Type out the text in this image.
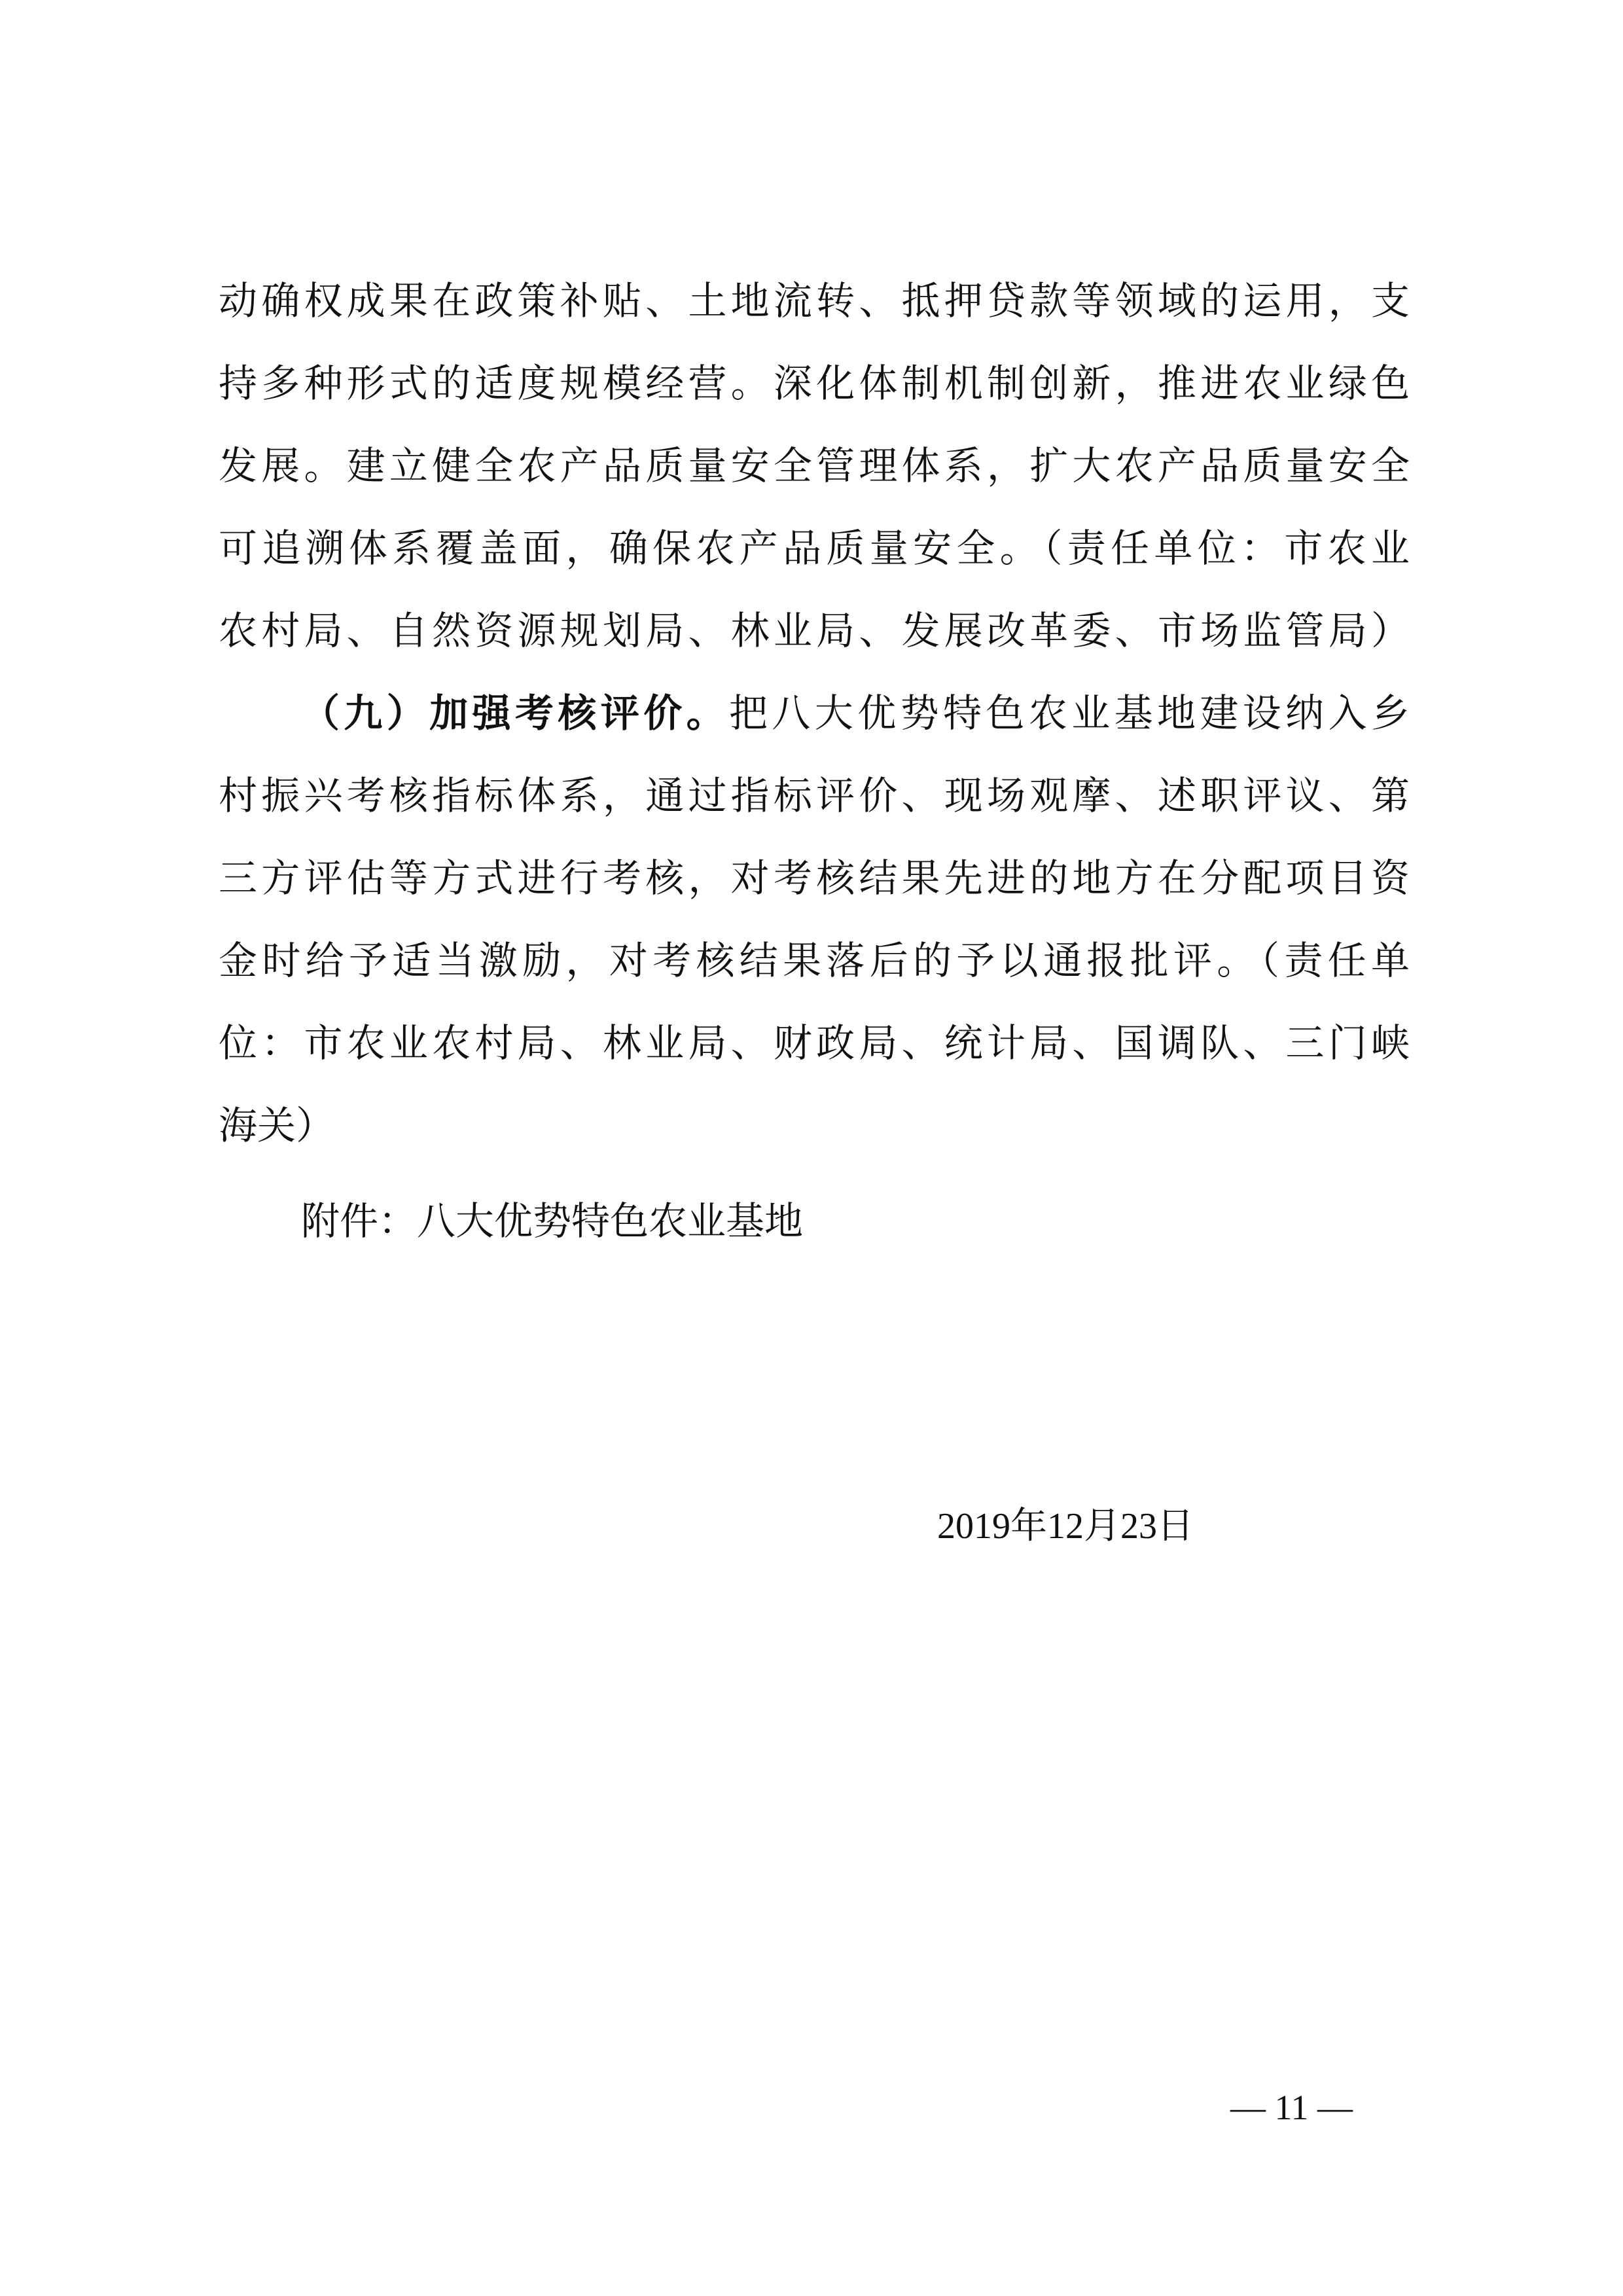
动确权成果在政策补贴、土地流转、抵押贷款等领域的运用，支
持多种形式的适度规模经营。深化体制机制创新，推进农业绿色
发展。建立健全农产品质量安全管理体系，扩大农产品质量安全
可追溯体系覆盖面，确保农产品质量安全。（责任单位：市农业
农村局、自然资源规划局、林业局、发展改革委、市场监管局）
（九）加强考核评价。把八大优势特色农业基地建设纳入乡
村振兴考核指标体系，通过指标评价、现场观摩、述职评议、第
三方评估等方式进行考核，对考核结果先进的地方在分配项目资
金时给予适当激励，对考核结果落后的予以通报批评。（责任单
位：市农业农村局、林业局、财政局、统计局、国调队、三门峡
海关）
附件：八大优势特色农业基地
2019年12月23日
— 11 —
